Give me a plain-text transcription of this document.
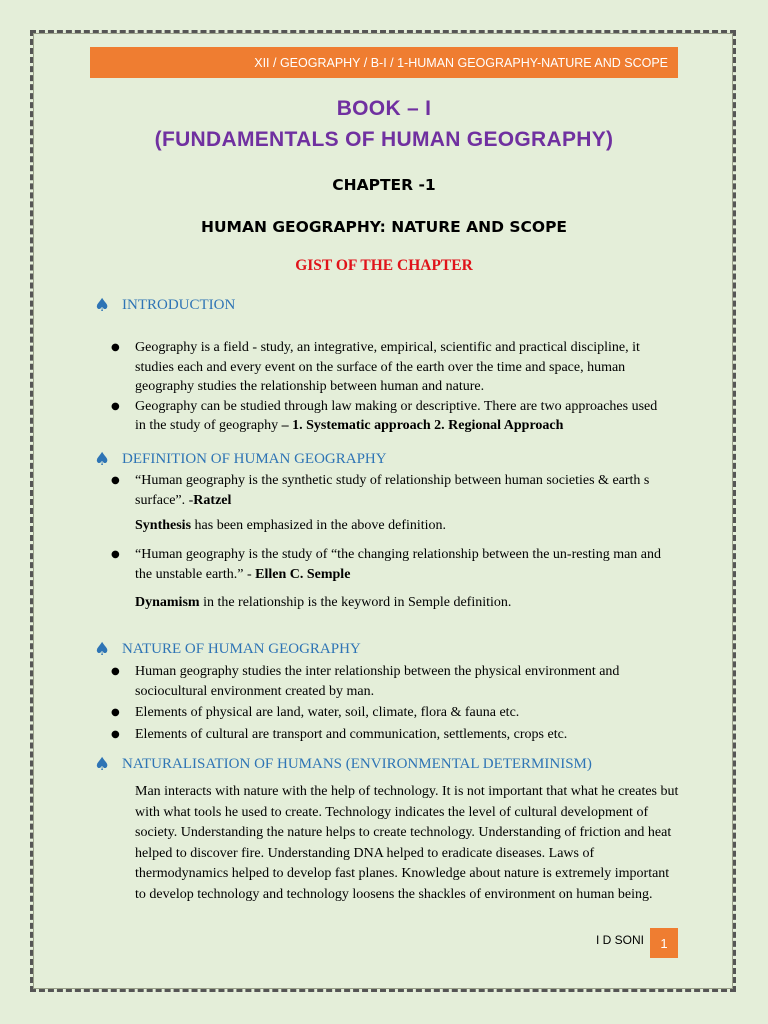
XII / GEOGRAPHY / B-I / 1-HUMAN GEOGRAPHY-NATURE AND SCOPE
BOOK – I
(FUNDAMENTALS OF HUMAN GEOGRAPHY)
CHAPTER -1
HUMAN GEOGRAPHY: NATURE AND SCOPE
GIST OF THE CHAPTER
♠ INTRODUCTION
●	Geography is a field - study, an integrative, empirical, scientific and practical discipline, it studies each and every event on the surface of the earth over the time and space, human geography studies the relationship between human and nature.
●	Geography can be studied through law making or descriptive. There are two approaches used in the study of geography – 1. Systematic approach 2. Regional Approach
♠ DEFINITION OF HUMAN GEOGRAPHY
●	“Human geography is the synthetic study of relationship between human societies & earth s surface”. -Ratzel
Synthesis has been emphasized in the above definition.
●	“Human geography is the study of “the changing relationship between the un-resting man and the unstable earth.” - Ellen C. Semple
Dynamism in the relationship is the keyword in Semple definition.
♠ NATURE OF HUMAN GEOGRAPHY
●	Human geography studies the inter relationship between the physical environment and sociocultural environment created by man.
●	Elements of physical are land, water, soil, climate, flora & fauna etc.
●	Elements of cultural are transport and communication, settlements, crops etc.
♠ NATURALISATION OF HUMANS (ENVIRONMENTAL DETERMINISM)
Man interacts with nature with the help of technology. It is not important that what he creates but with what tools he used to create. Technology indicates the level of cultural development of society. Understanding the nature helps to create technology. Understanding of friction and heat helped to discover fire. Understanding DNA helped to eradicate diseases. Laws of thermodynamics helped to develop fast planes. Knowledge about nature is extremely important to develop technology and technology loosens the shackles of environment on human being.
I D SONI 1
